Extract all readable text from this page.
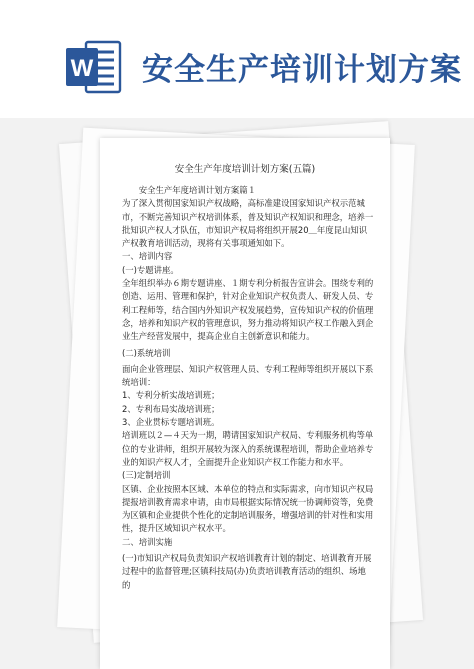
W 安全生产培训计划方案
安全生产年度培训计划方案(五篇)

安全生产年度培训计划方案篇１

为了深入贯彻国家知识产权战略，高标准建设国家知识产权示范城市，不断完善知识产权培训体系，普及知识产权知识和理念，培养一批知识产权人才队伍，市知识产权局将组织开展20＿年度昆山知识产权教育培训活动，现将有关事项通知如下。

一、培训内容

(一)专题讲座。

全年组织举办６期专题讲座、１期专利分析报告宣讲会。围绕专利的创造、运用、管理和保护，针对企业知识产权负责人、研发人员、专利工程师等，结合国内外知识产权发展趋势，宣传知识产权的价值理念，培养和知识产权的管理意识，努力推动将知识产权工作融入到企业生产经营发展中，提高企业自主创新意识和能力。

(二)系统培训

面向企业管理层、知识产权管理人员、专利工程师等组织开展以下系统培训：

1、专利分析实战培训班；

2、专利布局实战培训班；

3、企业贯标专题培训班。

培训班以２—４天为一期，聘请国家知识产权局、专利服务机构等单位的专业讲师，组织开展较为深入的系统课程培训，帮助企业培养专业的知识产权人才，全面提升企业知识产权工作能力和水平。

(三)定制培训

区镇、企业按照本区域、本单位的特点和实际需求，向市知识产权局提报培训教育需求申请，由市局根据实际情况统一协调师资等，免费为区镇和企业提供个性化的定制培训服务，增强培训的针对性和实用性，提升区域知识产权水平。

二、培训实施

(一)市知识产权局负责知识产权培训教育计划的制定、培训教育开展过程中的监督管理;区镇科技局(办)负责培训教育活动的组织、场地的
